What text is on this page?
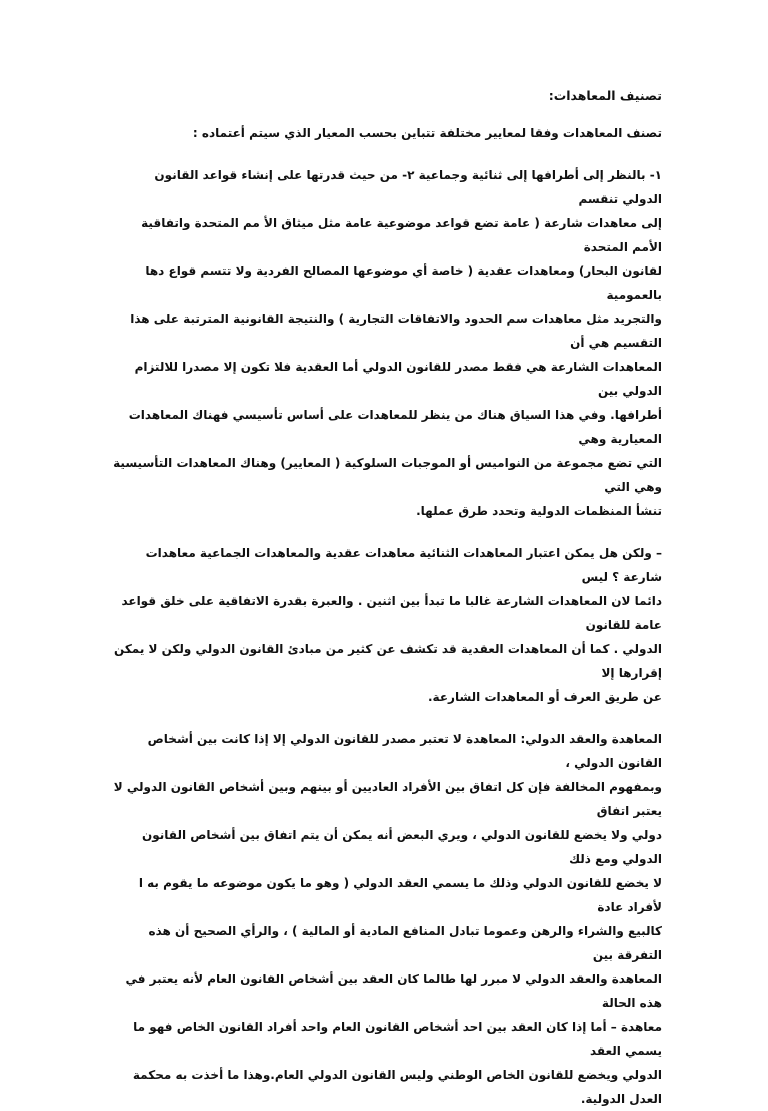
تصنيف المعاهدات:

تصنف المعاهدات وفقا لمعايير مختلفة تتباين بحسب المعيار الذي سيتم أعتماده :

١- بالنظر إلى أطرافها إلى ثنائية وجماعية ٢- من حيث قدرتها على إنشاء قواعد القانون الدولي تنقسم

إلى معاهدات شارعة ( عامة تضع قواعد موضوعية عامة مثل ميثاق الأ مم المتحدة واتفاقية الأمم المتحدة

لقانون البحار) ومعاهدات عقدية ( خاصة أي موضوعها المصالح الفردية ولا تتسم قواع دها بالعمومية

والتجريد مثل معاهدات سم الحدود والاتفاقات التجارية ) والنتيجة القانونية المترتبة على هذا التقسيم هي أن

المعاهدات الشارعة هي فقط مصدر للقانون الدولي أما العقدية فلا تكون إلا مصدرا للالتزام الدولي بين

أطرافها. وفي هذا السياق هناك من ينظر للمعاهدات على أساس تأسيسي فهناك المعاهدات المعيارية وهي

التي تضع مجموعة من النواميس أو الموجبات السلوكية ( المعايير) وهناك المعاهدات التأسيسية وهي التي

تنشأ المنظمات الدولية وتحدد طرق عملها.

– ولكن هل يمكن اعتبار المعاهدات الثنائية معاهدات عقدية والمعاهدات الجماعية معاهدات شارعة ؟ ليس

دائما لان المعاهدات الشارعة غالبا ما تبدأ بين اثنين . والعبرة بقدرة الاتفاقية على خلق قواعد عامة للقانون

الدولي . كما أن المعاهدات العقدية قد تكشف عن كثير من مبادئ القانون الدولي ولكن لا يمكن إقرارها إلا

عن طريق العرف أو المعاهدات الشارعة.

المعاهدة والعقد الدولي: المعاهدة لا تعتبر مصدر للقانون الدولي إلا إذا كانت بين أشخاص القانون الدولي ،

وبمفهوم المخالفة فإن كل اتفاق بين الأفراد العاديين أو بينهم وبين أشخاص القانون الدولي لا يعتبر اتفاق

دولي ولا يخضع للقانون الدولي ، ويري البعض أنه يمكن أن يتم اتفاق بين أشخاص القانون الدولي ومع ذلك

لا يخضع للقانون الدولي وذلك ما يسمي العقد الدولي ( وهو ما يكون موضوعه ما يقوم به ا لأفراد عادة

كالبيع والشراء والرهن وعموما تبادل المنافع المادية أو المالية ) ، والرأي الصحيح أن هذه التفرقة بين

المعاهدة والعقد الدولي لا مبرر لها طالما كان العقد بين أشخاص القانون العام لأنه يعتبر في هذه الحالة

معاهدة – أما إذا كان العقد بين احد أشخاص القانون العام واحد أفراد القانون الخاص فهو ما يسمي العقد

الدولي ويخضع للقانون الخاص الوطني وليس القانون الدولي العام.وهذا ما أخذت به محكمة العدل الدولية.
